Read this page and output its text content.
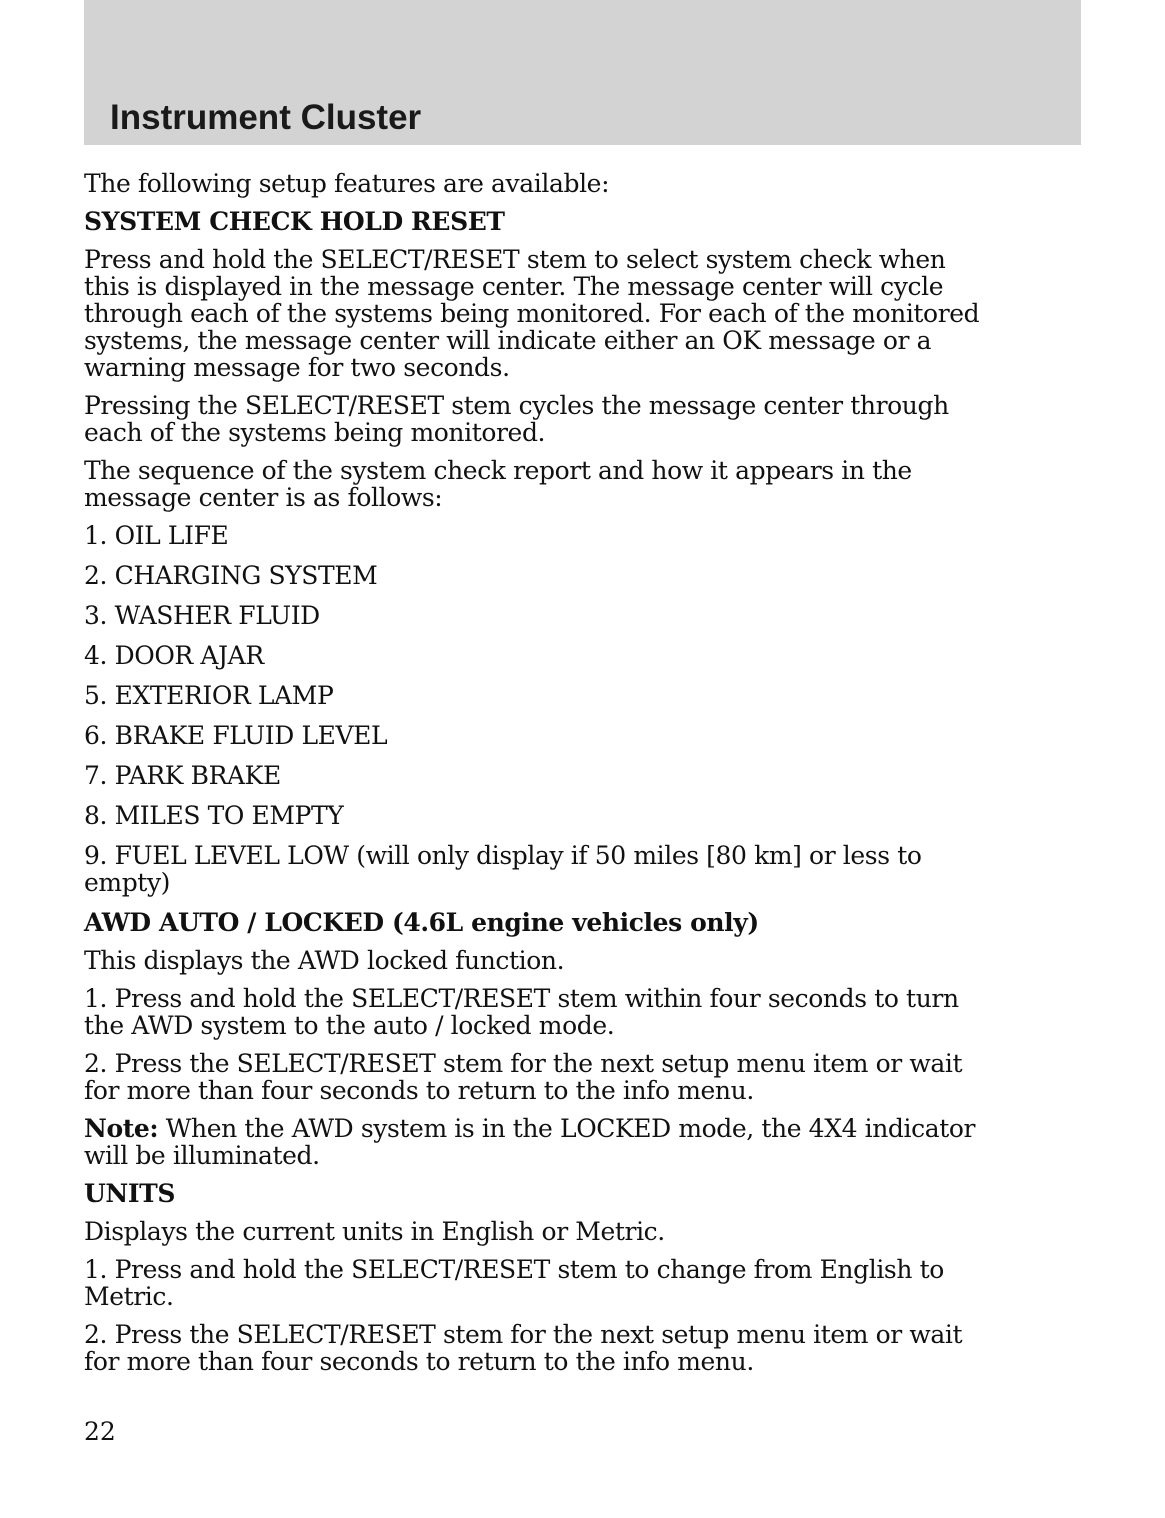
Instrument Cluster

The following setup features are available:

SYSTEM CHECK HOLD RESET

Press and hold the SELECT/RESET stem to select system check when
this is displayed in the message center. The message center will cycle
through each of the systems being monitored. For each of the monitored
systems, the message center will indicate either an OK message or a
warning message for two seconds.

Pressing the SELECT/RESET stem cycles the message center through
each of the systems being monitored.

The sequence of the system check report and how it appears in the
message center is as follows:

1. OIL LIFE

2. CHARGING SYSTEM

3. WASHER FLUID

4. DOOR AJAR

5. EXTERIOR LAMP

6. BRAKE FLUID LEVEL

7. PARK BRAKE

8. MILES TO EMPTY

9. FUEL LEVEL LOW (will only display if 50 miles [80 km] or less to
empty)

AWD AUTO / LOCKED (4.6L engine vehicles only)

This displays the AWD locked function.

1. Press and hold the SELECT/RESET stem within four seconds to turn
the AWD system to the auto / locked mode.

2. Press the SELECT/RESET stem for the next setup menu item or wait
for more than four seconds to return to the info menu.

Note: When the AWD system is in the LOCKED mode, the 4X4 indicator
will be illuminated.

UNITS

Displays the current units in English or Metric.

1. Press and hold the SELECT/RESET stem to change from English to
Metric.

2. Press the SELECT/RESET stem for the next setup menu item or wait
for more than four seconds to return to the info menu.

22
